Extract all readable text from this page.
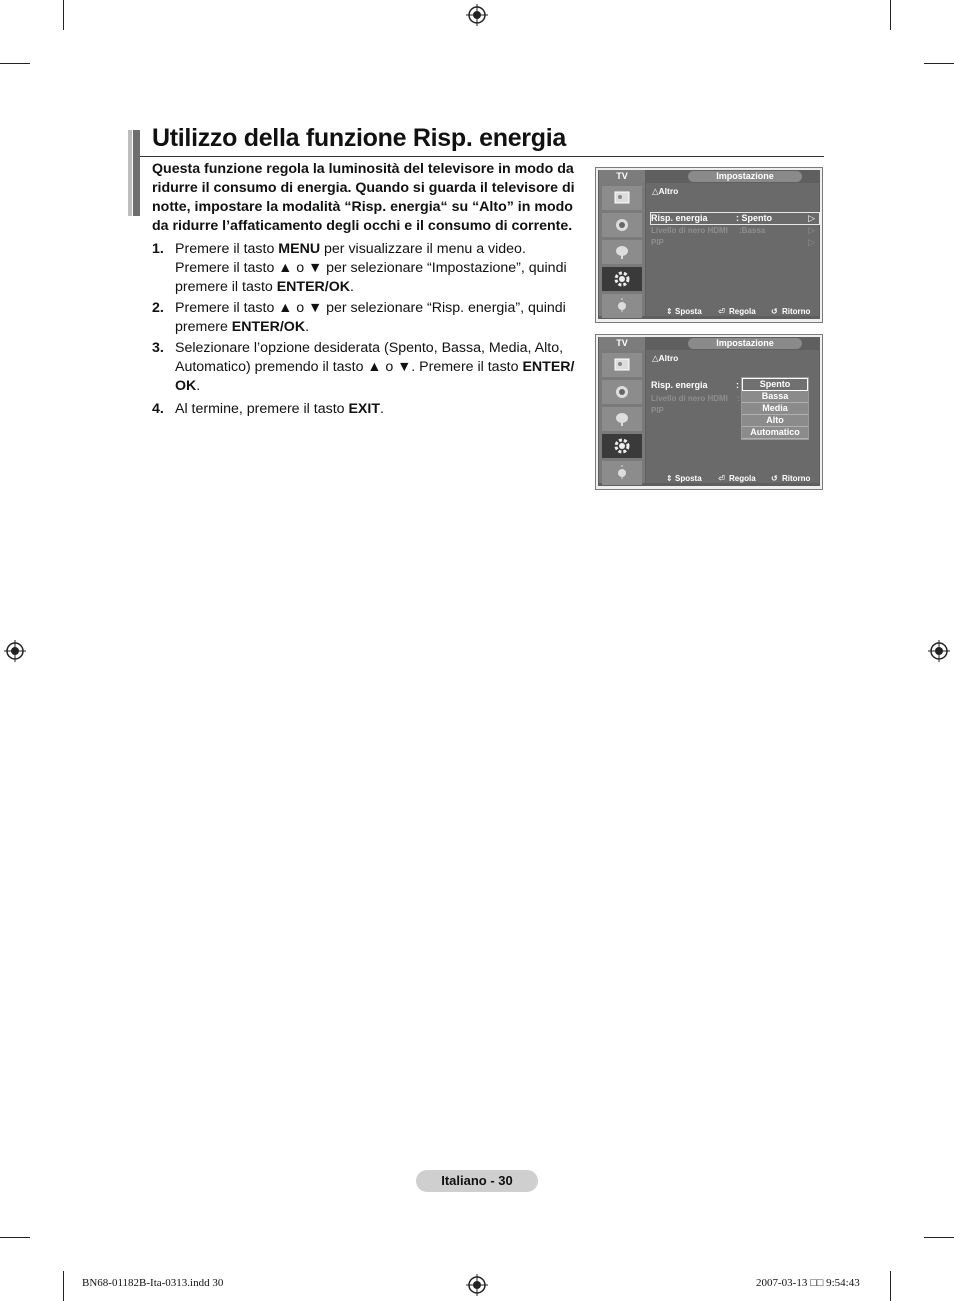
Utilizzo della funzione Risp. energia
Questa funzione regola la luminosità del televisore in modo da ridurre il consumo di energia. Quando si guarda il televisore di notte, impostare la modalità “Risp. energia“ su “Alto” in modo da ridurre l’affaticamento degli occhi e il consumo di corrente.
1. Premere il tasto MENU per visualizzare il menu a video. Premere il tasto ▲ o ▼ per selezionare “Impostazione”, quindi premere il tasto ENTER/OK.
2. Premere il tasto ▲ o ▼ per selezionare “Risp. energia”, quindi premere ENTER/OK.
3. Selezionare l’opzione desiderata (Spento, Bassa, Media, Alto, Automatico) premendo il tasto ▲ o ▼. Premere il tasto ENTER/ OK.
4. Al termine, premere il tasto EXIT.
TV	Impostazione
△Altro
Risp. energia	: Spento	▷
Livello di nero HDMI :Bassa	▷
PIP	▷
⇕ Sposta ⏎ Regola ↺ Ritorno
TV	Impostazione
△Altro
Risp. energia	:
Livello di nero HDMI :
PIP
Spento
Bassa
Media
Alto
Automatico
⇕ Sposta ⏎ Regola ↺ Ritorno
Italiano - 30
BN68-01182B-Ita-0313.indd 30	2007-03-13 □□ 9:54:43
